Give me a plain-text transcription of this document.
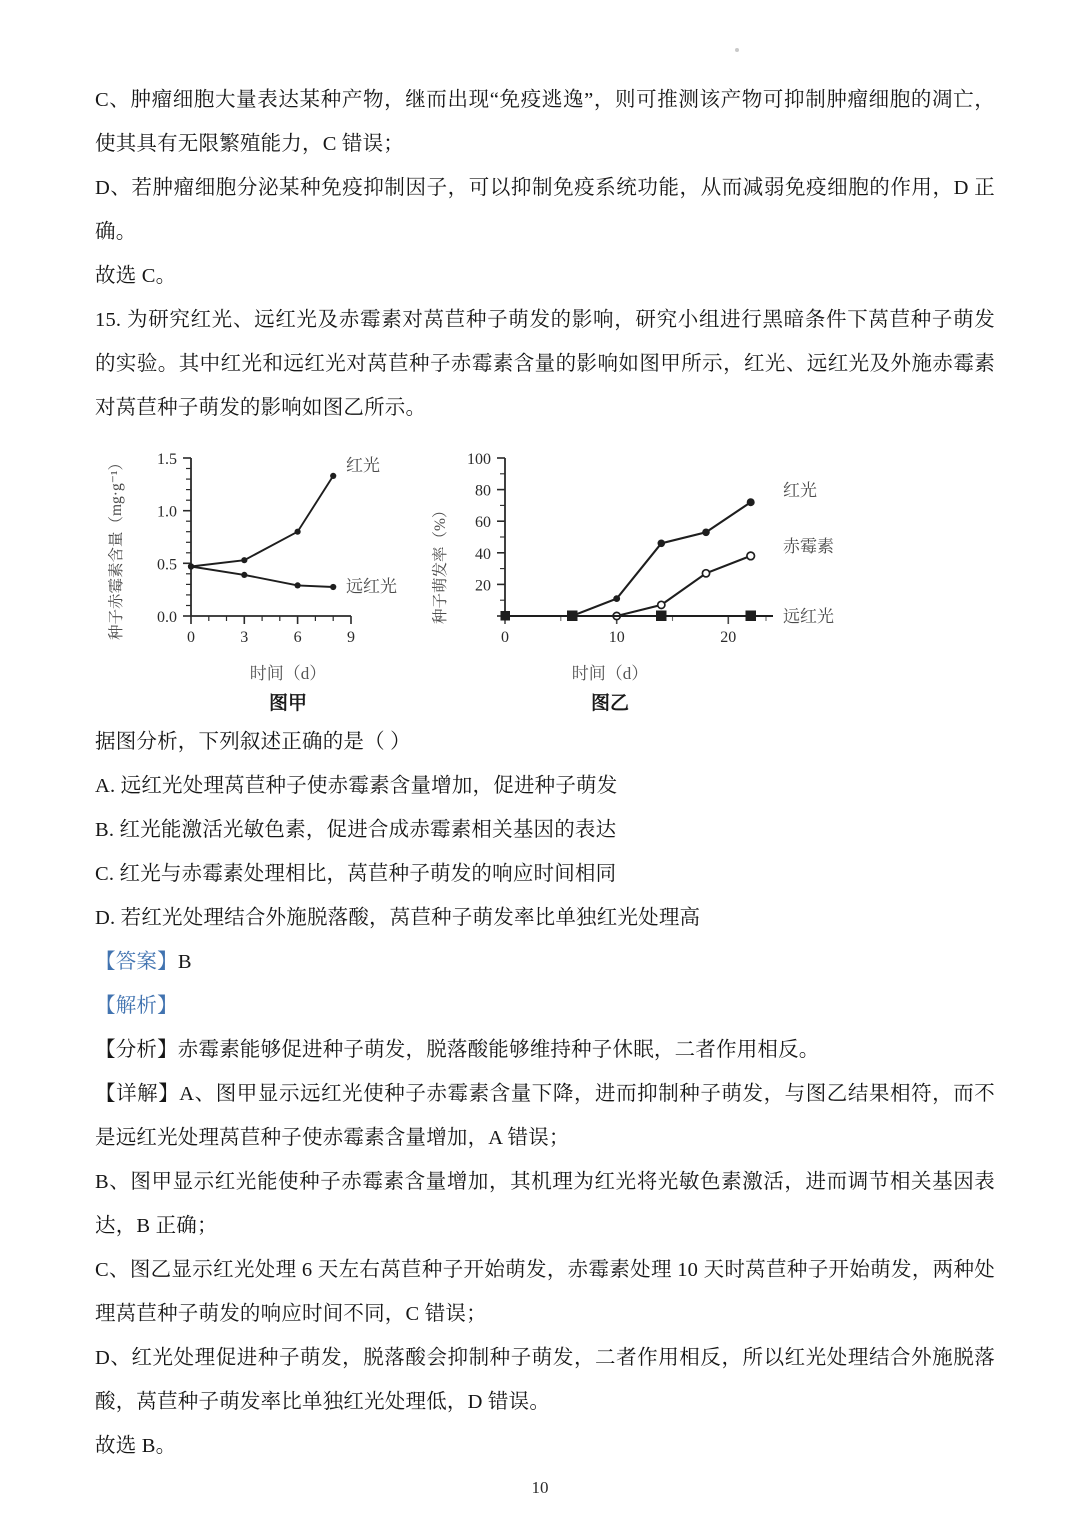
C、肿瘤细胞大量表达某种产物，继而出现“免疫逃逸”，则可推测该产物可抑制肿瘤细胞的凋亡，使其具有无限繁殖能力，C 错误；

D、若肿瘤细胞分泌某种免疫抑制因子，可以抑制免疫系统功能，从而减弱免疫细胞的作用，D 正确。

故选 C。

15. 为研究红光、远红光及赤霉素对莴苣种子萌发的影响，研究小组进行黑暗条件下莴苣种子萌发的实验。其中红光和远红光对莴苣种子赤霉素含量的影响如图甲所示，红光、远红光及外施赤霉素对莴苣种子萌发的影响如图乙所示。

种子赤霉素含量（mg·g⁻¹） 1.5
1.0
0.5
0.0
0	3	6	9
红光
远红光
时间（d）
图甲
种子萌发率（%）
100
80
60
40
20
0	10	20
红光
赤霉素
远红光
时间（d）
图乙

据图分析，下列叙述正确的是（ ）

A. 远红光处理莴苣种子使赤霉素含量增加，促进种子萌发

B. 红光能激活光敏色素，促进合成赤霉素相关基因的表达

C. 红光与赤霉素处理相比，莴苣种子萌发的响应时间相同

D. 若红光处理结合外施脱落酸，莴苣种子萌发率比单独红光处理高

【答案】B

【解析】

【分析】赤霉素能够促进种子萌发，脱落酸能够维持种子休眠，二者作用相反。

【详解】A、图甲显示远红光使种子赤霉素含量下降，进而抑制种子萌发，与图乙结果相符，而不是远红光处理莴苣种子使赤霉素含量增加，A 错误；

B、图甲显示红光能使种子赤霉素含量增加，其机理为红光将光敏色素激活，进而调节相关基因表达，B 正确；

C、图乙显示红光处理 6 天左右莴苣种子开始萌发，赤霉素处理 10 天时莴苣种子开始萌发，两种处理莴苣种子萌发的响应时间不同，C 错误；

D、红光处理促进种子萌发，脱落酸会抑制种子萌发，二者作用相反，所以红光处理结合外施脱落酸，莴苣种子萌发率比单独红光处理低，D 错误。

故选 B。

10
